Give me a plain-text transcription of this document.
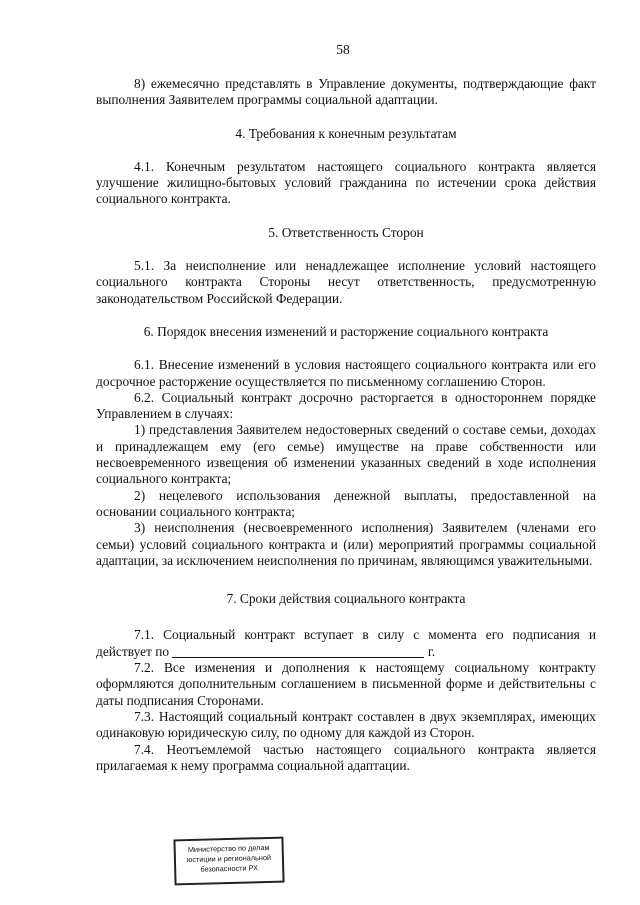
58

8) ежемесячно представлять в Управление документы, подтверждающие факт выполнения Заявителем программы социальной адаптации.

4. Требования к конечным результатам

4.1. Конечным результатом настоящего социального контракта является улучшение жилищно-бытовых условий гражданина по истечении срока действия социального контракта.

5. Ответственность Сторон

5.1. За неисполнение или ненадлежащее исполнение условий настоящего социального контракта Стороны несут ответственность, предусмотренную законодательством Российской Федерации.

6. Порядок внесения изменений и расторжение социального контракта

6.1. Внесение изменений в условия настоящего социального контракта или его досрочное расторжение осуществляется по письменному соглашению Сторон.

6.2. Социальный контракт досрочно расторгается в одностороннем порядке Управлением в случаях:

1) представления Заявителем недостоверных сведений о составе семьи, доходах и принадлежащем ему (его семье) имуществе на праве собственности или несвоевременного извещения об изменении указанных сведений в ходе исполнения социального контракта;

2) нецелевого использования денежной выплаты, предоставленной на основании социального контракта;

3) неисполнения (несвоевременного исполнения) Заявителем (членами его семьи) условий социального контракта и (или) мероприятий программы социальной адаптации, за исключением неисполнения по причинам, являющимся уважительными.

7. Сроки действия социального контракта

7.1. Социальный контракт вступает в силу с момента его подписания и действует по	г.

7.2. Все изменения и дополнения к настоящему социальному контракту оформляются дополнительным соглашением в письменной форме и действительны с даты подписания Сторонами.

7.3. Настоящий социальный контракт составлен в двух экземплярах, имеющих одинаковую юридическую силу, по одному для каждой из Сторон.

7.4. Неотъемлемой частью настоящего социального контракта является прилагаемая к нему программа социальной адаптации.

Министерство по делам
юстиции и региональной
безопасности РХ
